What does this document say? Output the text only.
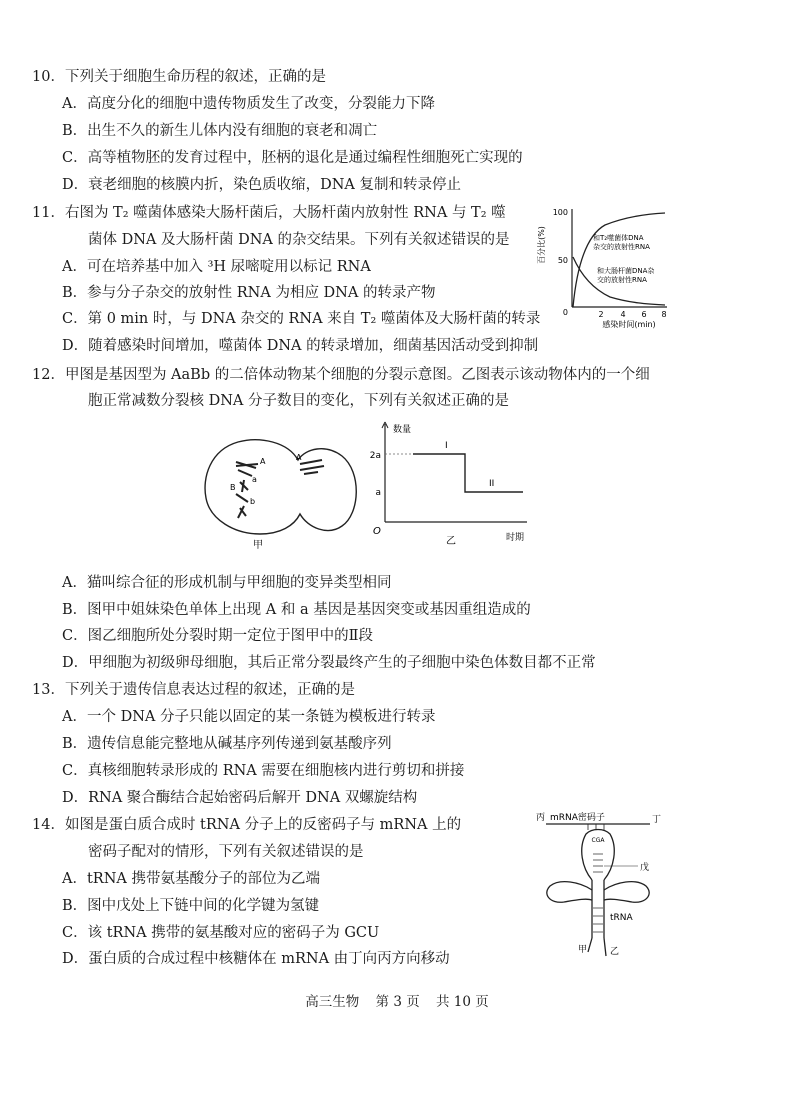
10．下列关于细胞生命历程的叙述，正确的是
A．高度分化的细胞中遗传物质发生了改变，分裂能力下降
B．出生不久的新生儿体内没有细胞的衰老和凋亡
C．高等植物胚的发育过程中，胚柄的退化是通过编程性细胞死亡实现的
D．衰老细胞的核膜内折，染色质收缩，DNA 复制和转录停止
11．右图为 T₂ 噬菌体感染大肠杆菌后，大肠杆菌内放射性 RNA 与 T₂ 噬
菌体 DNA 及大肠杆菌 DNA 的杂交结果。下列有关叙述错误的是
A．可在培养基中加入 ³H 尿嘧啶用以标记 RNA
B．参与分子杂交的放射性 RNA 为相应 DNA 的转录产物
C．第 0 min 时，与 DNA 杂交的 RNA 来自 T₂ 噬菌体及大肠杆菌的转录
D．随着感染时间增加，噬菌体 DNA 的转录增加，细菌基因活动受到抑制
百分比(%)
100
50
0	2 4 6 8
感染时间(min)
和T₂噬菌体DNA
杂交的放射性RNA
和大肠杆菌DNA杂
交的放射性RNA
12．甲图是基因型为 AaBb 的二倍体动物某个细胞的分裂示意图。乙图表示该动物体内的一个细
胞正常减数分裂核 DNA 分子数目的变化，下列有关叙述正确的是
A
a
B
b
A
甲
数量
2a
a
O
I
II
乙	时期
A．猫叫综合征的形成机制与甲细胞的变异类型相同
B．图甲中姐妹染色单体上出现 A 和 a 基因是基因突变或基因重组造成的
C．图乙细胞所处分裂时期一定位于图甲中的Ⅱ段
D．甲细胞为初级卵母细胞，其后正常分裂最终产生的子细胞中染色体数目都不正常
13．下列关于遗传信息表达过程的叙述，正确的是
A．一个 DNA 分子只能以固定的某一条链为模板进行转录
B．遗传信息能完整地从碱基序列传递到氨基酸序列
C．真核细胞转录形成的 RNA 需要在细胞核内进行剪切和拼接
D．RNA 聚合酶结合起始密码后解开 DNA 双螺旋结构
14．如图是蛋白质合成时 tRNA 分子上的反密码子与 mRNA 上的
密码子配对的情形，下列有关叙述错误的是
A．tRNA 携带氨基酸分子的部位为乙端
B．图中戊处上下链中间的化学键为氢键
C．该 tRNA 携带的氨基酸对应的密码子为 GCU
D．蛋白质的合成过程中核糖体在 mRNA 由丁向丙方向移动
丙 mRNA密码子	丁
CGA
戊
tRNA
甲	乙
高三生物 第 3 页 共 10 页
